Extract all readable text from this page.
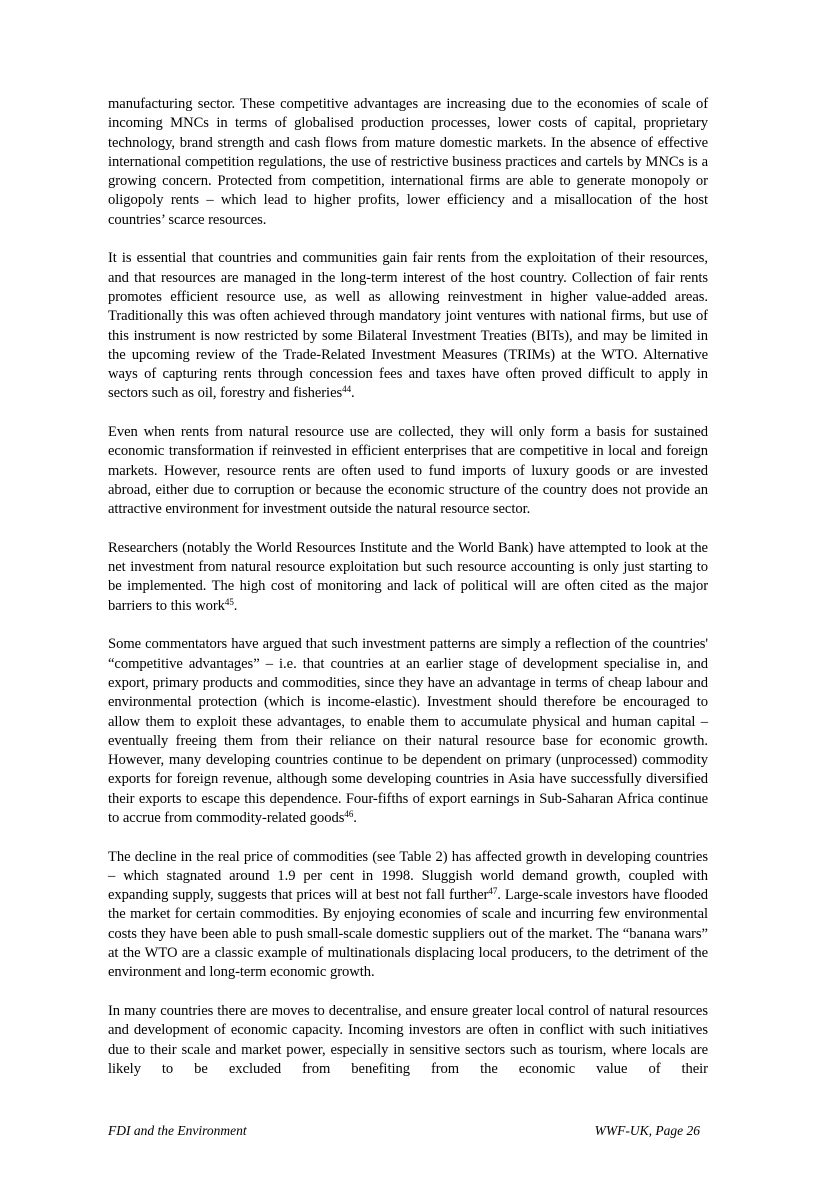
manufacturing sector. These competitive advantages are increasing due to the economies of scale of incoming MNCs in terms of globalised production processes, lower costs of capital, proprietary technology, brand strength and cash flows from mature domestic markets. In the absence of effective international competition regulations, the use of restrictive business practices and cartels by MNCs is a growing concern. Protected from competition, international firms are able to generate monopoly or oligopoly rents – which lead to higher profits, lower efficiency and a misallocation of the host countries’ scarce resources.

It is essential that countries and communities gain fair rents from the exploitation of their resources, and that resources are managed in the long-term interest of the host country. Collection of fair rents promotes efficient resource use, as well as allowing reinvestment in higher value-added areas. Traditionally this was often achieved through mandatory joint ventures with national firms, but use of this instrument is now restricted by some Bilateral Investment Treaties (BITs), and may be limited in the upcoming review of the Trade-Related Investment Measures (TRIMs) at the WTO. Alternative ways of capturing rents through concession fees and taxes have often proved difficult to apply in sectors such as oil, forestry and fisheries$^{44}$.

Even when rents from natural resource use are collected, they will only form a basis for sustained economic transformation if reinvested in efficient enterprises that are competitive in local and foreign markets. However, resource rents are often used to fund imports of luxury goods or are invested abroad, either due to corruption or because the economic structure of the country does not provide an attractive environment for investment outside the natural resource sector.

Researchers (notably the World Resources Institute and the World Bank) have attempted to look at the net investment from natural resource exploitation but such resource accounting is only just starting to be implemented. The high cost of monitoring and lack of political will are often cited as the major barriers to this work$^{45}$.

Some commentators have argued that such investment patterns are simply a reflection of the countries' “competitive advantages” – i.e. that countries at an earlier stage of development specialise in, and export, primary products and commodities, since they have an advantage in terms of cheap labour and environmental protection (which is income-elastic). Investment should therefore be encouraged to allow them to exploit these advantages, to enable them to accumulate physical and human capital – eventually freeing them from their reliance on their natural resource base for economic growth. However, many developing countries continue to be dependent on primary (unprocessed) commodity exports for foreign revenue, although some developing countries in Asia have successfully diversified their exports to escape this dependence. Four-fifths of export earnings in Sub-Saharan Africa continue to accrue from commodity-related goods$^{46}$.

The decline in the real price of commodities (see Table 2) has affected growth in developing countries – which stagnated around 1.9 per cent in 1998. Sluggish world demand growth, coupled with expanding supply, suggests that prices will at best not fall further$^{47}$. Large-scale investors have flooded the market for certain commodities. By enjoying economies of scale and incurring few environmental costs they have been able to push small-scale domestic suppliers out of the market. The “banana wars” at the WTO are a classic example of multinationals displacing local producers, to the detriment of the environment and long-term economic growth.

In many countries there are moves to decentralise, and ensure greater local control of natural resources and development of economic capacity. Incoming investors are often in conflict with such initiatives due to their scale and market power, especially in sensitive sectors such as tourism, where locals are likely to be excluded from benefiting from the economic value of their

FDI and the Environment	WWF-UK, Page 26
